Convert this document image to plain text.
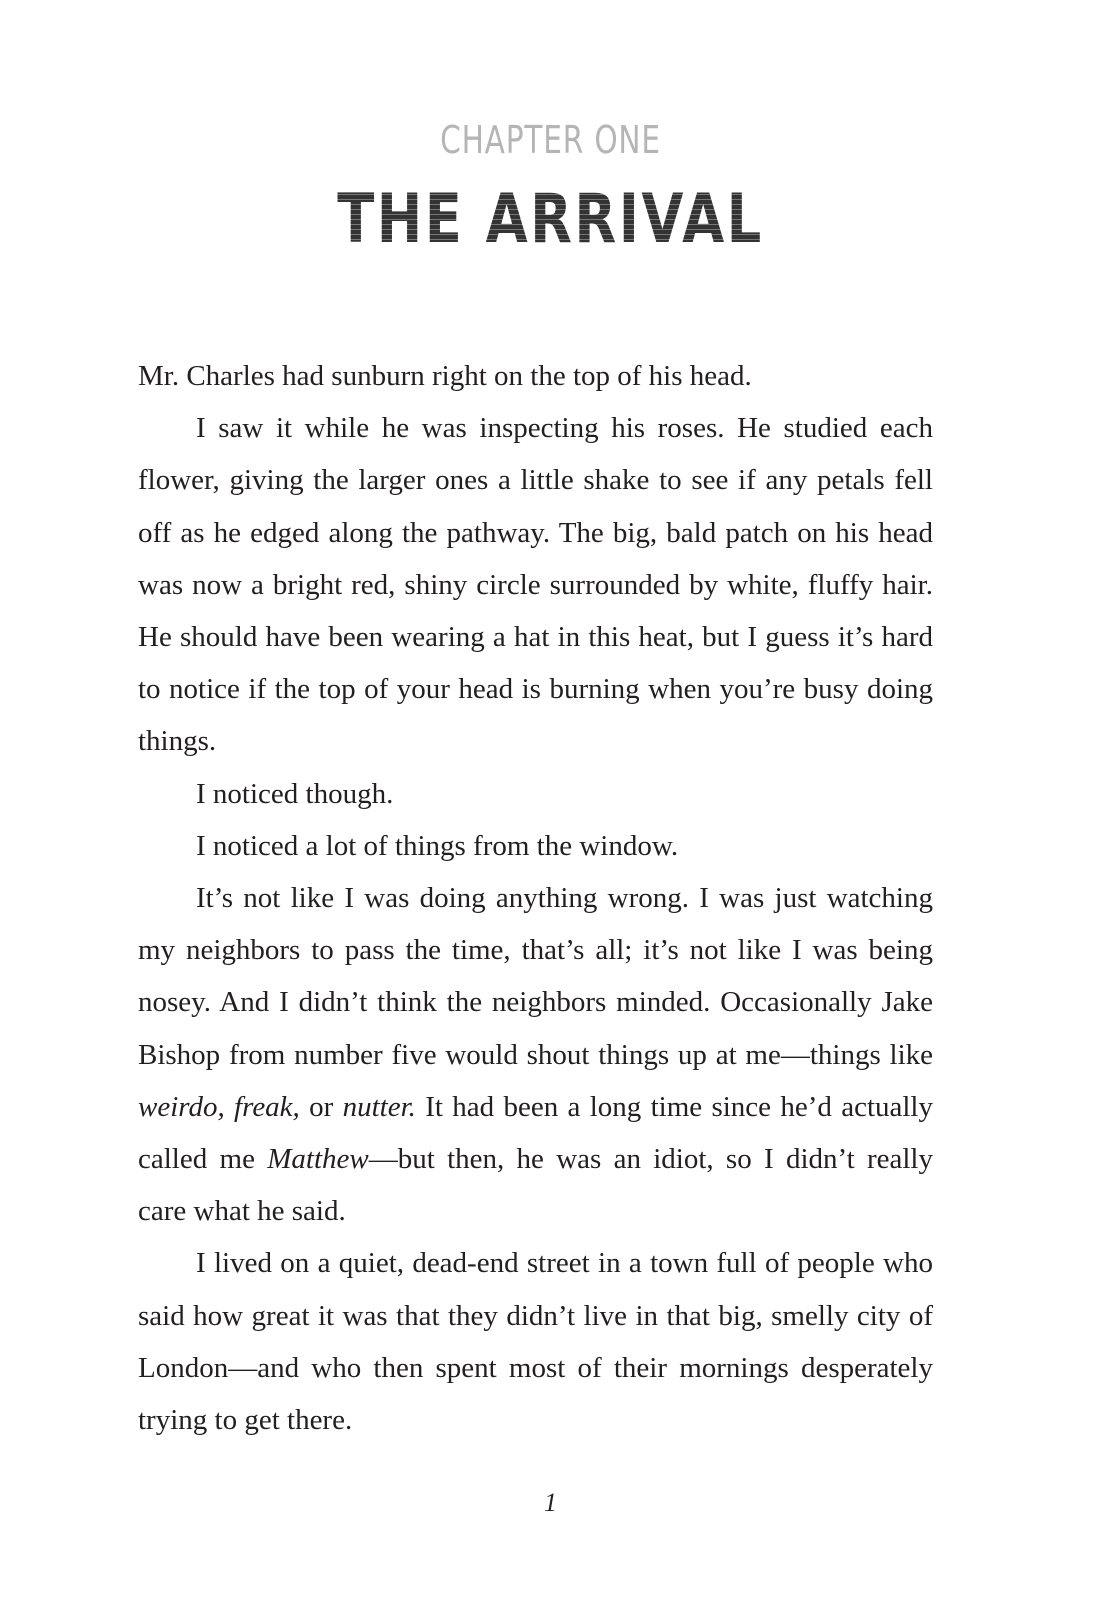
CHAPTER ONE
THE ARRIVAL

Mr. Charles had sunburn right on the top of his head.

I saw it while he was inspecting his roses. He studied each flower, giving the larger ones a little shake to see if any petals fell off as he edged along the pathway. The big, bald patch on his head was now a bright red, shiny circle surrounded by white, fluffy hair. He should have been wearing a hat in this heat, but I guess it’s hard to notice if the top of your head is burning when you’re busy doing things.

I noticed though.

I noticed a lot of things from the window.

It’s not like I was doing anything wrong. I was just watching my neighbors to pass the time, that’s all; it’s not like I was being nosey. And I didn’t think the neighbors minded. Occasionally Jake Bishop from number five would shout things up at me—things like weirdo, freak, or nutter. It had been a long time since he’d actually called me Matthew—but then, he was an idiot, so I didn’t really care what he said.

I lived on a quiet, dead-end street in a town full of people who said how great it was that they didn’t live in that big, smelly city of London—and who then spent most of their mornings desperately trying to get there.

1
